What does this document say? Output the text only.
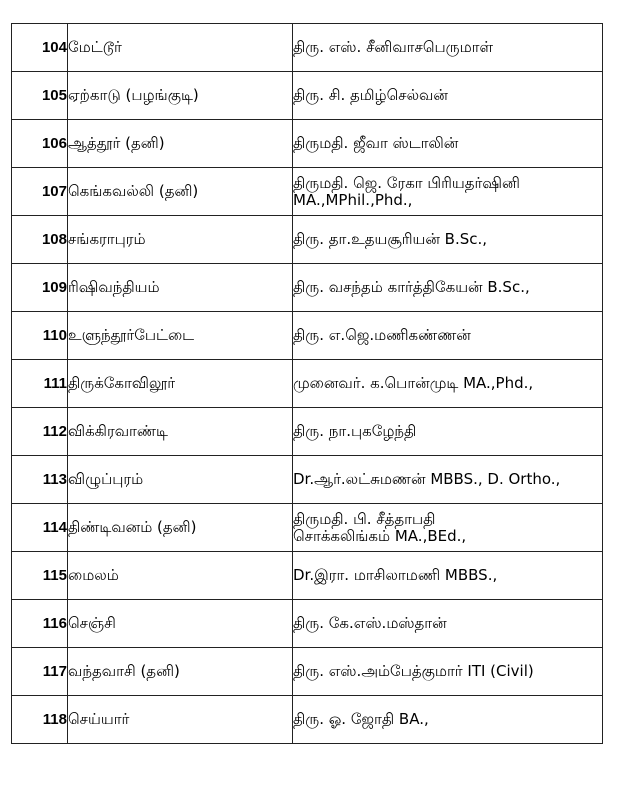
104	மேட்டூர்	திரு. எஸ். சீனிவாசபெருமாள்

105	ஏற்காடு (பழங்குடி)	திரு. சி. தமிழ்செல்வன்

106	ஆத்தூர் (தனி)	திருமதி. ஜீவா ஸ்டாலின்

107	கெங்கவல்லி (தனி)	திருமதி. ஜெ. ரேகா பிரியதர்ஷினி
MA.,MPhil.,Phd.,

108	சங்கராபுரம்	திரு. தா.உதயசூரியன் B.Sc.,

109	ரிஷிவந்தியம்	திரு. வசந்தம் கார்த்திகேயன் B.Sc.,

110	உளுந்தூர்பேட்டை	திரு. எ.ஜெ.மணிகண்ணன்

111	திருக்கோவிலூர்	முனைவர். க.பொன்முடி MA.,Phd.,

112	விக்கிரவாண்டி	திரு. நா.புகழேந்தி

113	விழுப்புரம்	Dr.ஆர்.லட்சுமணன் MBBS., D. Ortho.,

114	திண்டிவனம் (தனி)	திருமதி. பி. சீத்தாபதி
சொக்கலிங்கம் MA.,BEd.,

115	மைலம்	Dr.இரா. மாசிலாமணி MBBS.,

116	செஞ்சி	திரு. கே.எஸ்.மஸ்தான்

117	வந்தவாசி (தனி)	திரு. எஸ்.அம்பேத்குமார் ITI (Civil)

118	செய்யார்	திரு. ஓ. ஜோதி BA.,
